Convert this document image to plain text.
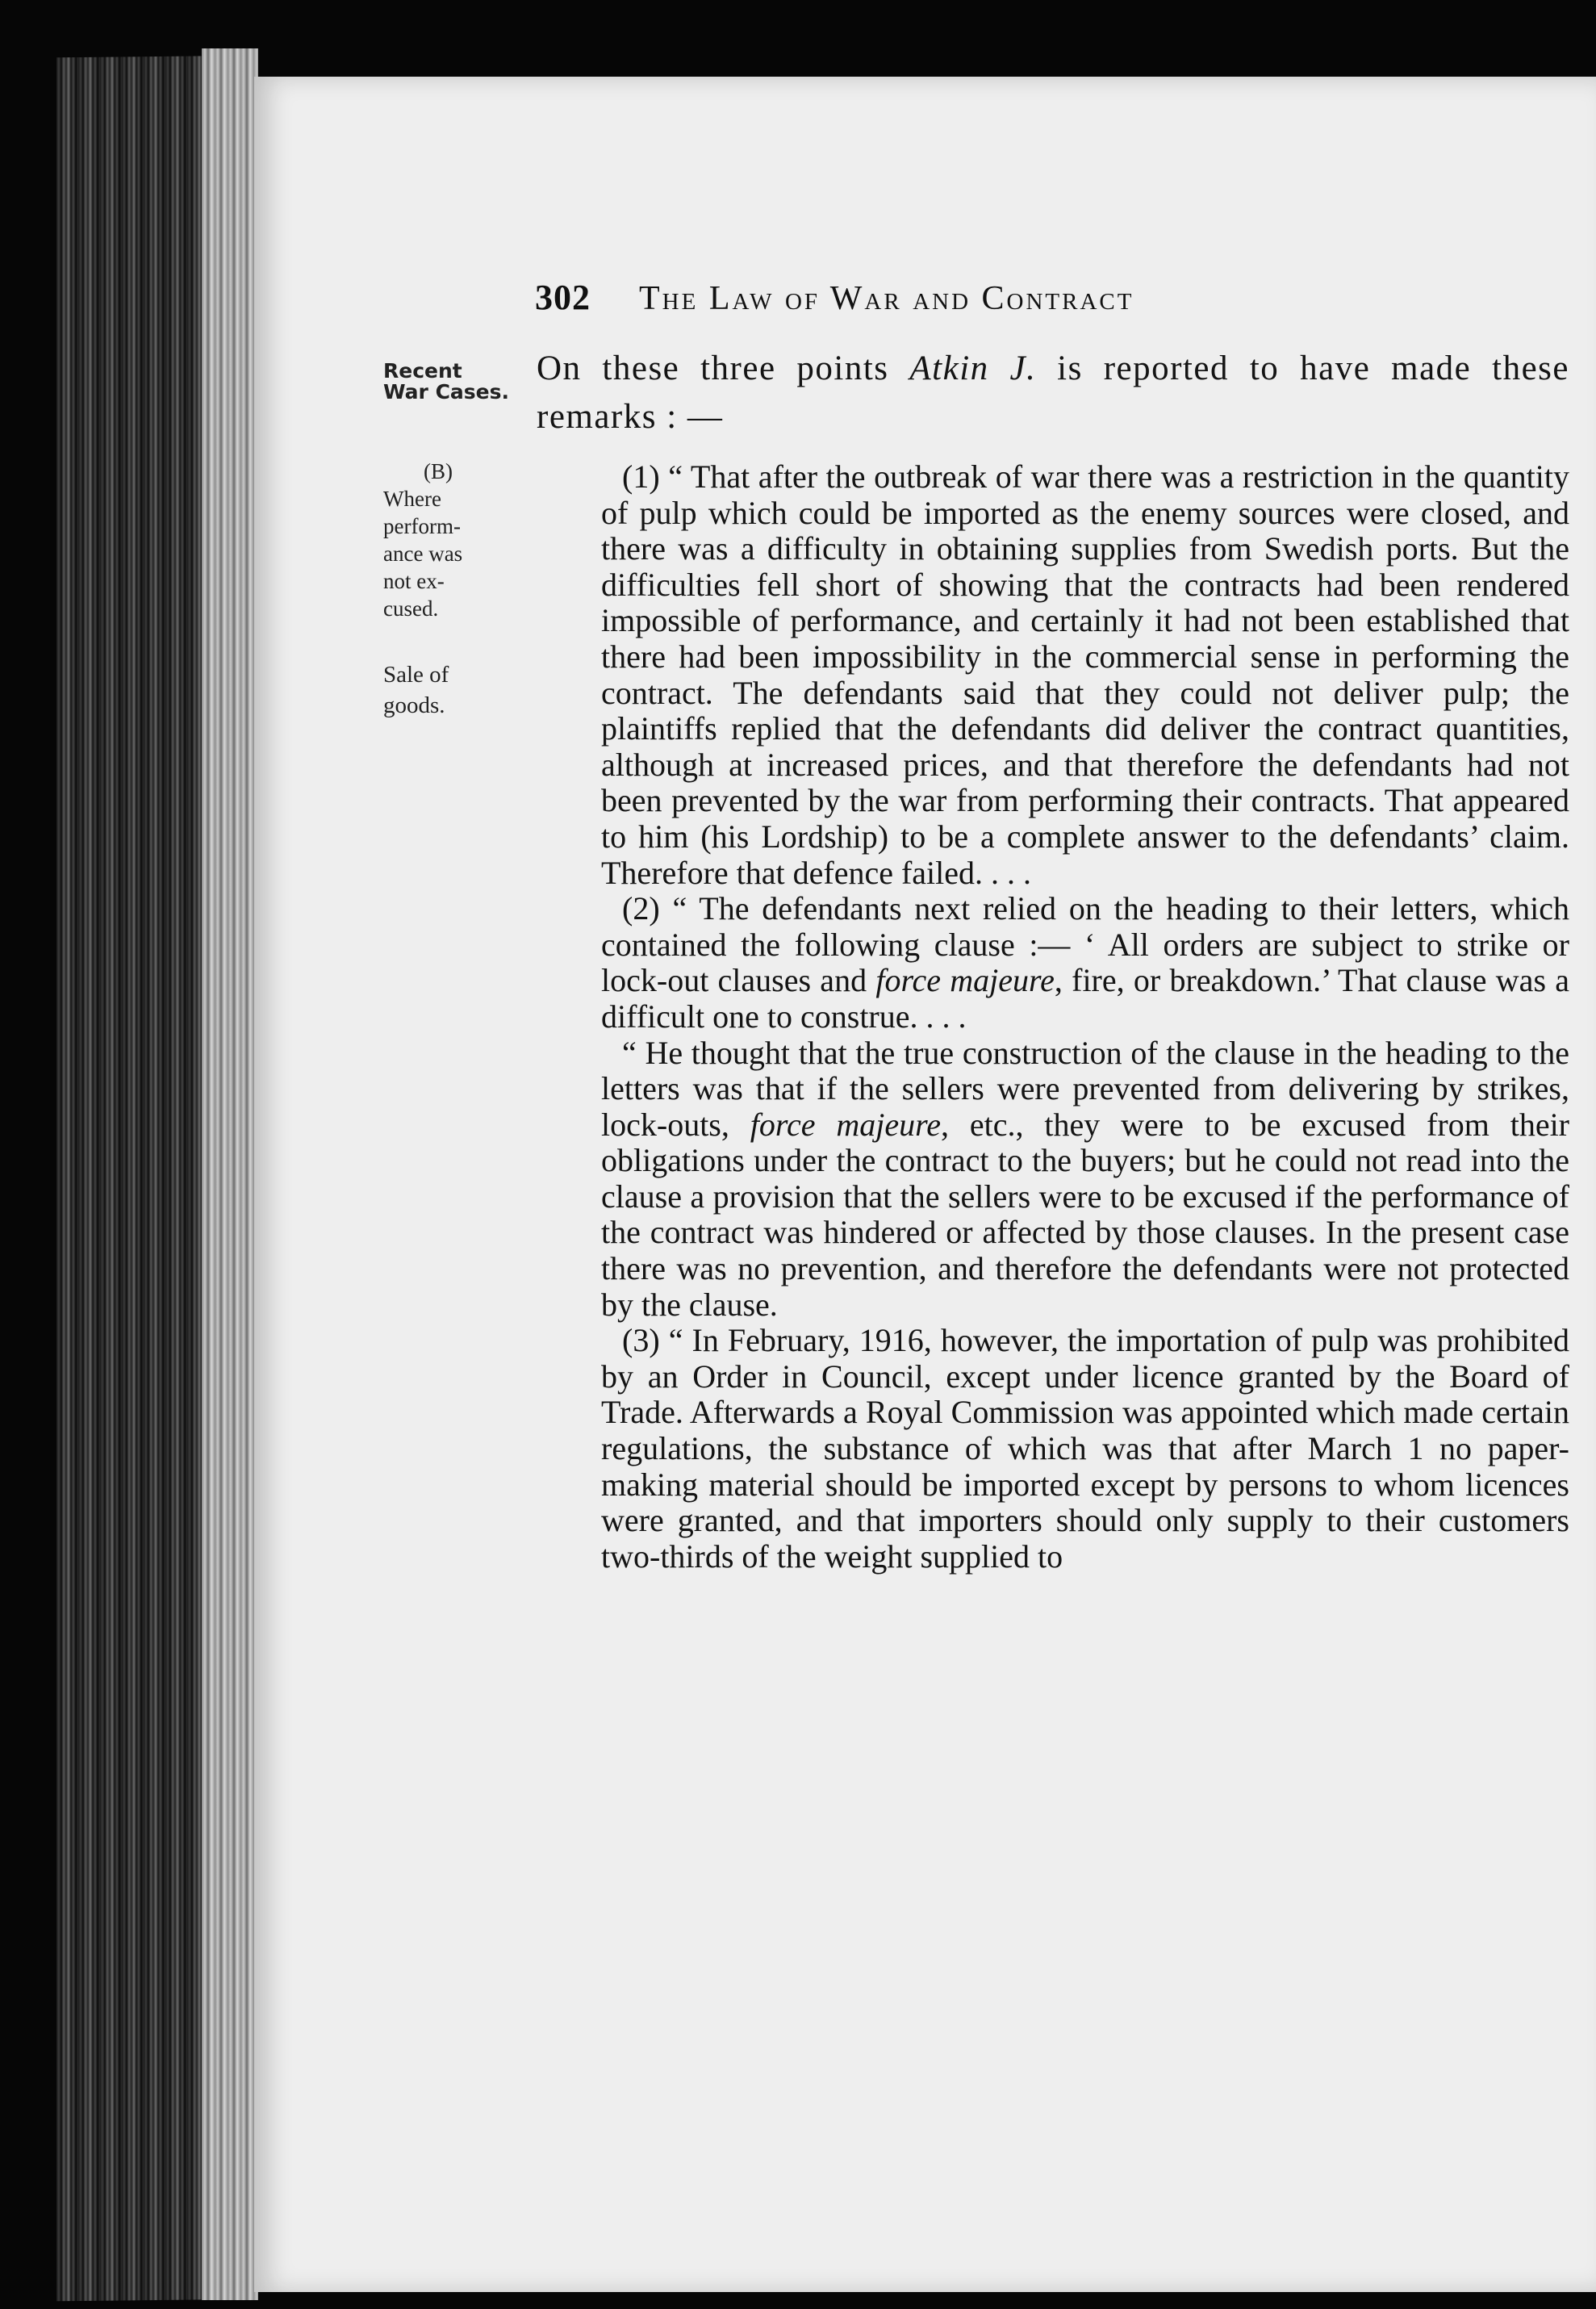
302 The Law of War and Contract
Recent
War Cases.
(B)
Where
perform-
ance was
not ex-
cused.
Sale of
goods.

On these three points Atkin J. is reported to have made these remarks : —

(1) “ That after the outbreak of war there was a restriction in the quantity of pulp which could be imported as the enemy sources were closed, and there was a difficulty in obtaining supplies from Swedish ports. But the difficulties fell short of showing that the contracts had been rendered impossible of performance, and certainly it had not been established that there had been impossibility in the commercial sense in performing the contract. The defendants said that they could not deliver pulp; the plaintiffs replied that the defendants did deliver the contract quantities, although at increased prices, and that therefore the defendants had not been prevented by the war from performing their contracts. That appeared to him (his Lordship) to be a complete answer to the defendants’ claim. Therefore that defence failed. . . .

(2) “ The defendants next relied on the heading to their letters, which contained the following clause :— ‘ All orders are subject to strike or lock-out clauses and force majeure, fire, or breakdown.’ That clause was a difficult one to construe. . . .

“ He thought that the true construction of the clause in the heading to the letters was that if the sellers were prevented from delivering by strikes, lock-outs, force majeure, etc., they were to be excused from their obligations under the contract to the buyers; but he could not read into the clause a provision that the sellers were to be excused if the performance of the contract was hindered or affected by those clauses. In the present case there was no prevention, and therefore the defendants were not protected by the clause.

(3) “ In February, 1916, however, the importation of pulp was prohibited by an Order in Council, except under licence granted by the Board of Trade. Afterwards a Royal Commission was appointed which made certain regulations, the substance of which was that after March 1 no paper-making material should be imported except by persons to whom licences were granted, and that importers should only supply to their customers two-thirds of the weight supplied to
